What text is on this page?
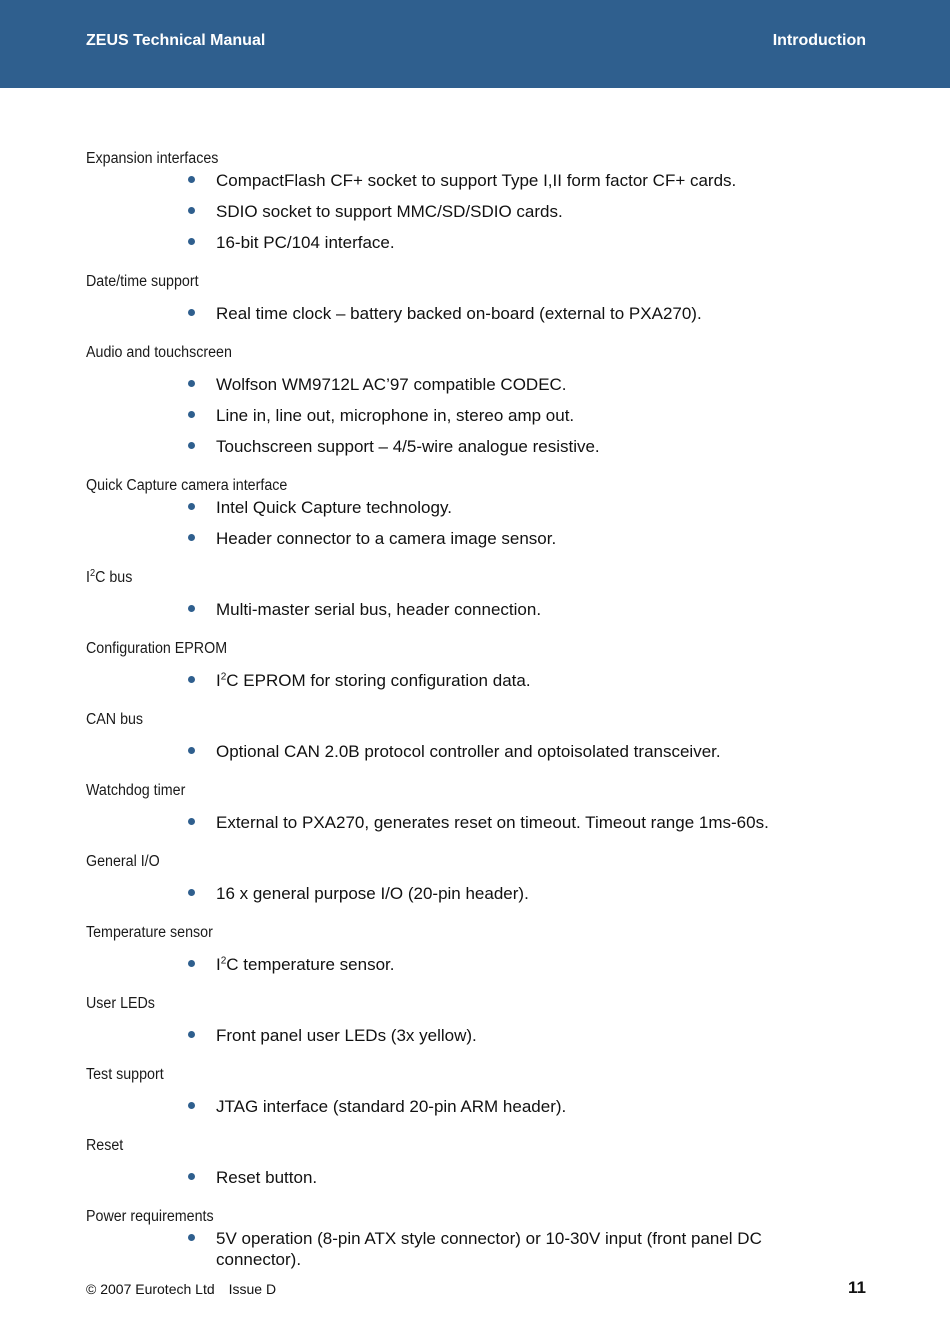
ZEUS Technical Manual	Introduction
Expansion interfaces
CompactFlash CF+ socket to support Type I,II form factor CF+ cards.
SDIO socket to support MMC/SD/SDIO cards.
16-bit PC/104 interface.
Date/time support
Real time clock – battery backed on-board (external to PXA270).
Audio and touchscreen
Wolfson WM9712L AC’97 compatible CODEC.
Line in, line out, microphone in, stereo amp out.
Touchscreen support – 4/5-wire analogue resistive.
Quick Capture camera interface
Intel Quick Capture technology.
Header connector to a camera image sensor.
$I^2C$ bus
Multi-master serial bus, header connection.
Configuration EPROM
$I^2C$ EPROM for storing configuration data.
CAN bus
Optional CAN 2.0B protocol controller and optoisolated transceiver.
Watchdog timer
External to PXA270, generates reset on timeout. Timeout range 1ms-60s.
General I/O
16 x general purpose I/O (20-pin header).
Temperature sensor
$I^2C$ temperature sensor.
User LEDs
Front panel user LEDs (3x yellow).
Test support
JTAG interface (standard 20-pin ARM header).
Reset
Reset button.
Power requirements
5V operation (8-pin ATX style connector) or 10-30V input (front panel DC connector).
© 2007 Eurotech Ltd Issue D	11
